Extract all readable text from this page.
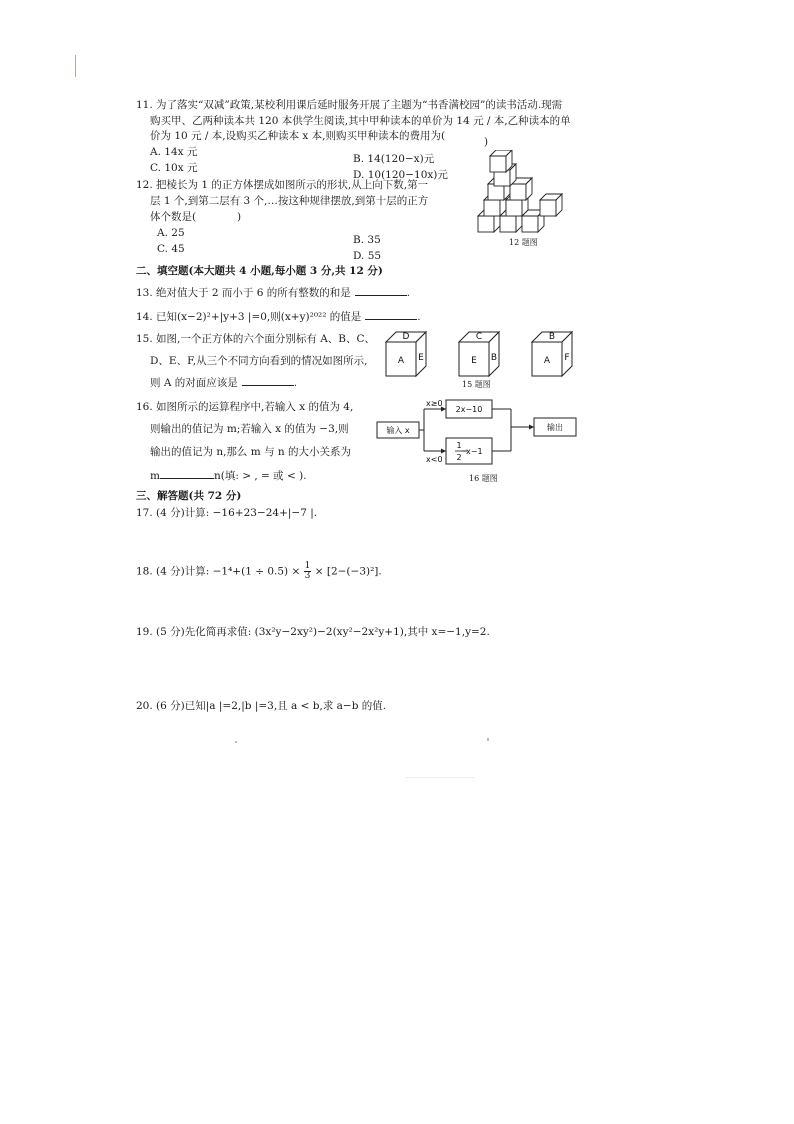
11. 为了落实“双减”政策,某校利用课后延时服务开展了主题为“书香满校园”的读书活动.现需
购买甲、乙两种读本共 120 本供学生阅读,其中甲种读本的单价为 14 元 / 本,乙种读本的单
价为 10 元 / 本,设购买乙种读本 x 本,则购买甲种读本的费用为(	)
A. 14x 元
B. 14(120−x)元
C. 10x 元
D. 10(120−10x)元
12. 把棱长为 1 的正方体摆成如图所示的形状,从上向下数,第一
层 1 个,到第二层有 3 个,…按这种规律摆放,到第十层的正方
体个数是(	)
A. 25
B. 35
C. 45
D. 55
12 题图
二、填空题(本大题共 4 小题,每小题 3 分,共 12 分)
13. 绝对值大于 2 而小于 6 的所有整数的和是	.
14. 已知(x−2)²+|y+3 |=0,则(x+y)²⁰²² 的值是	.
15. 如图,一个正方体的六个面分别标有 A、B、C、
D、E、F,从三个不同方向看到的情况如图所示,
则 A 的对面应该是	.
D
A E
C
E B
B
A F
15 题图
16. 如图所示的运算程序中,若输入 x 的值为 4,
则输出的值记为 m;若输入 x 的值为 −3,则
输出的值记为 n,那么 m 与 n 的大小关系为
m	n(填: > , = 或 < ).
输入 x
x≥0
x<0
2x−10
1
2
x−1
输出
16 题图
三、解答题(共 72 分)
17. (4 分)计算: −16+23−24+|−7 |.
18. (4 分)计算: $-1^4+(1 \div 0.5) \times \frac{1}{3} \times [2-(-3)^2]$.
19. (5 分)先化简再求值: (3x²y−2xy²)−2(xy²−2x²y+1),其中 x=−1,y=2.
20. (6 分)已知|a |=2,|b |=3,且 a < b,求 a−b 的值.
